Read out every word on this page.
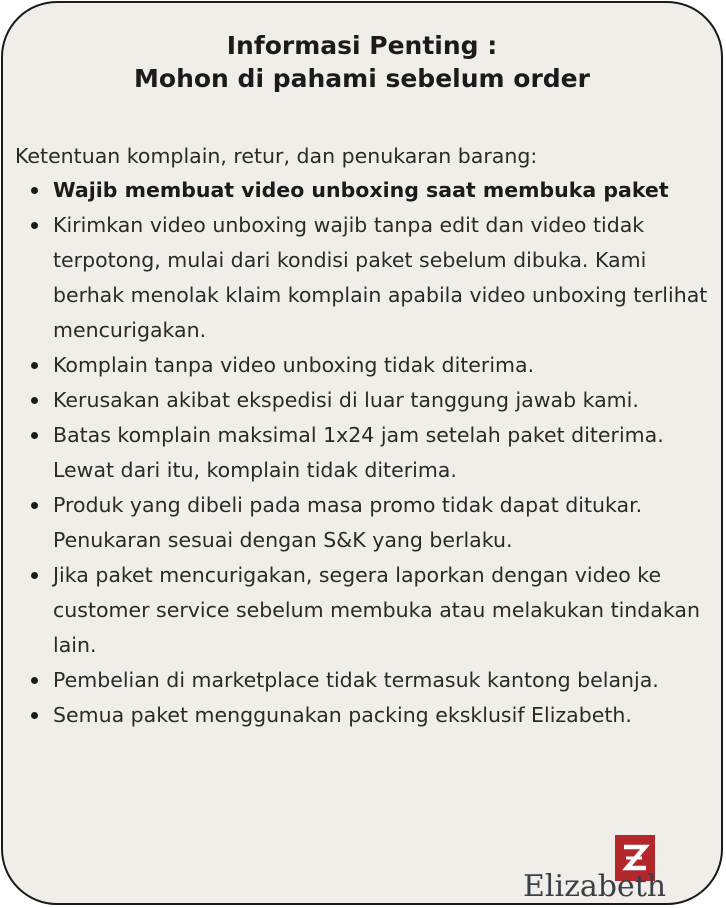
Informasi Penting :
Mohon di pahami sebelum order
Ketentuan komplain, retur, dan penukaran barang:
Wajib membuat video unboxing saat membuka paket
Kirimkan video unboxing wajib tanpa edit dan video tidak terpotong, mulai dari kondisi paket sebelum dibuka. Kami berhak menolak klaim komplain apabila video unboxing terlihat mencurigakan.
Komplain tanpa video unboxing tidak diterima.
Kerusakan akibat ekspedisi di luar tanggung jawab kami.
Batas komplain maksimal 1x24 jam setelah paket diterima. Lewat dari itu, komplain tidak diterima.
Produk yang dibeli pada masa promo tidak dapat ditukar. Penukaran sesuai dengan S&K yang berlaku.
Jika paket mencurigakan, segera laporkan dengan video ke customer service sebelum membuka atau melakukan tindakan lain.
Pembelian di marketplace tidak termasuk kantong belanja.
Semua paket menggunakan packing eksklusif Elizabeth.
Elizabeth
